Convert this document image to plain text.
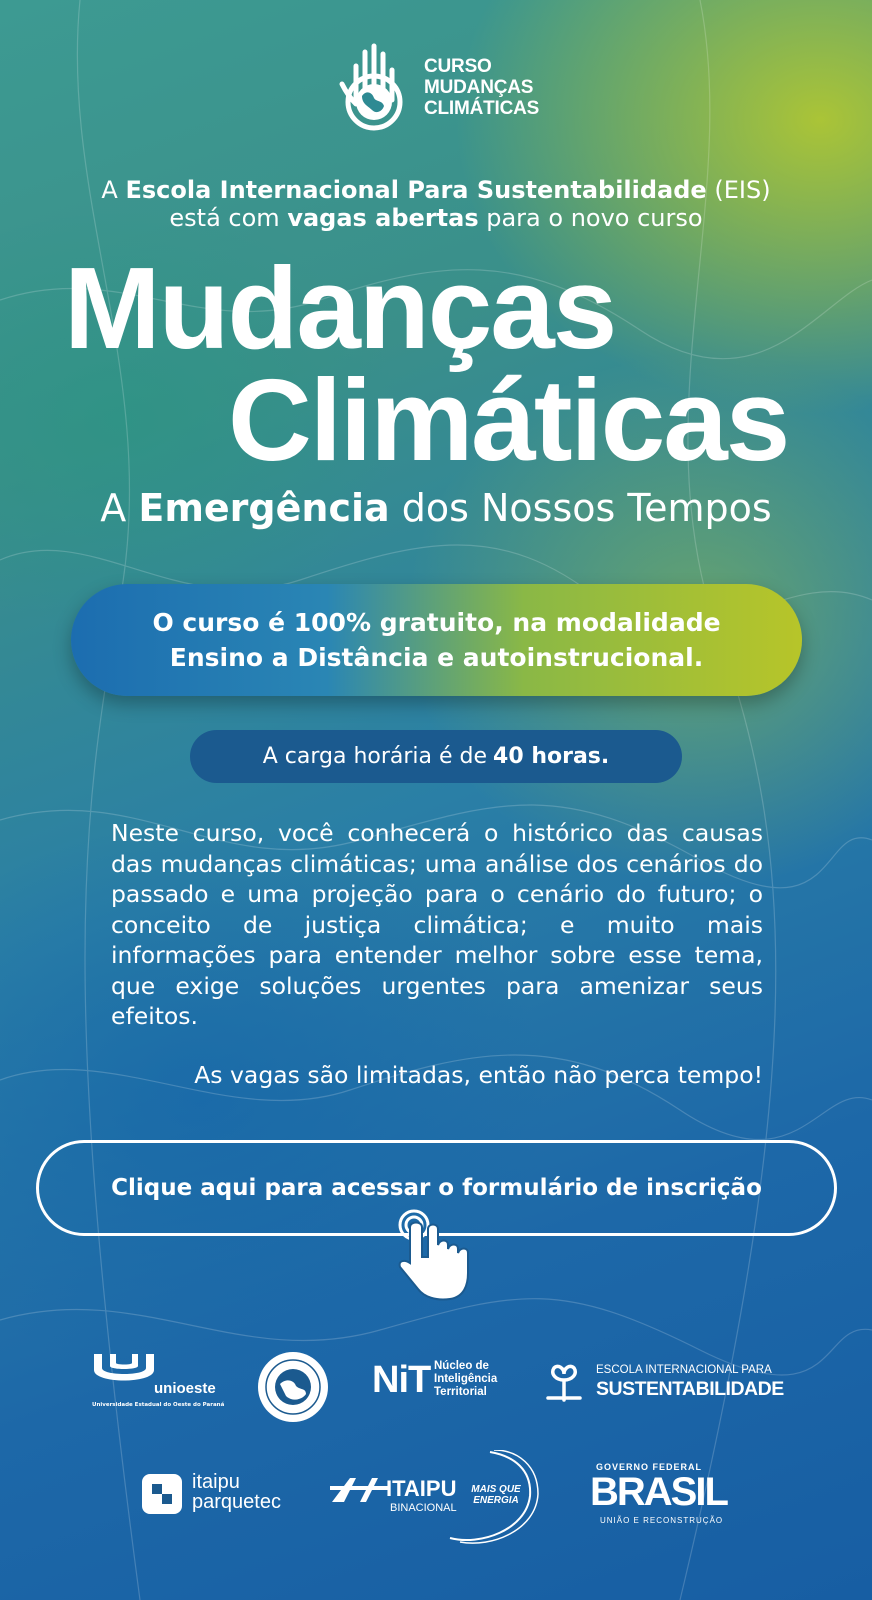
CURSO
MUDANÇAS
CLIMÁTICAS
A Escola Internacional Para Sustentabilidade (EIS)
está com vagas abertas para o novo curso
Mudanças
Climáticas
A Emergência dos Nossos Tempos
O curso é 100% gratuito, na modalidade
Ensino a Distância e autoinstrucional.
A carga horária é de 40 horas.

Neste curso, você conhecerá o histórico das causas das mudanças climáticas; uma análise dos cenários do passado e uma projeção para o cenário do futuro; o conceito de justiça climática; e muito mais informações para entender melhor sobre esse tema, que exige soluções urgentes para amenizar seus efeitos.

As vagas são limitadas, então não perca tempo!

Clique aqui para acessar o formulário de inscrição
unioeste
Universidade Estadual do Oeste do Paraná
NiT Núcleo de
Inteligência
Territorial
ESCOLA INTERNACIONAL PARA
SUSTENTABILIDADE
itaipu
parquetec
ITAIPU
BINACIONAL
MAIS QUE
ENERGIA
GOVERNO FEDERAL
BRASIL
UNIÃO E RECONSTRUÇÃO
